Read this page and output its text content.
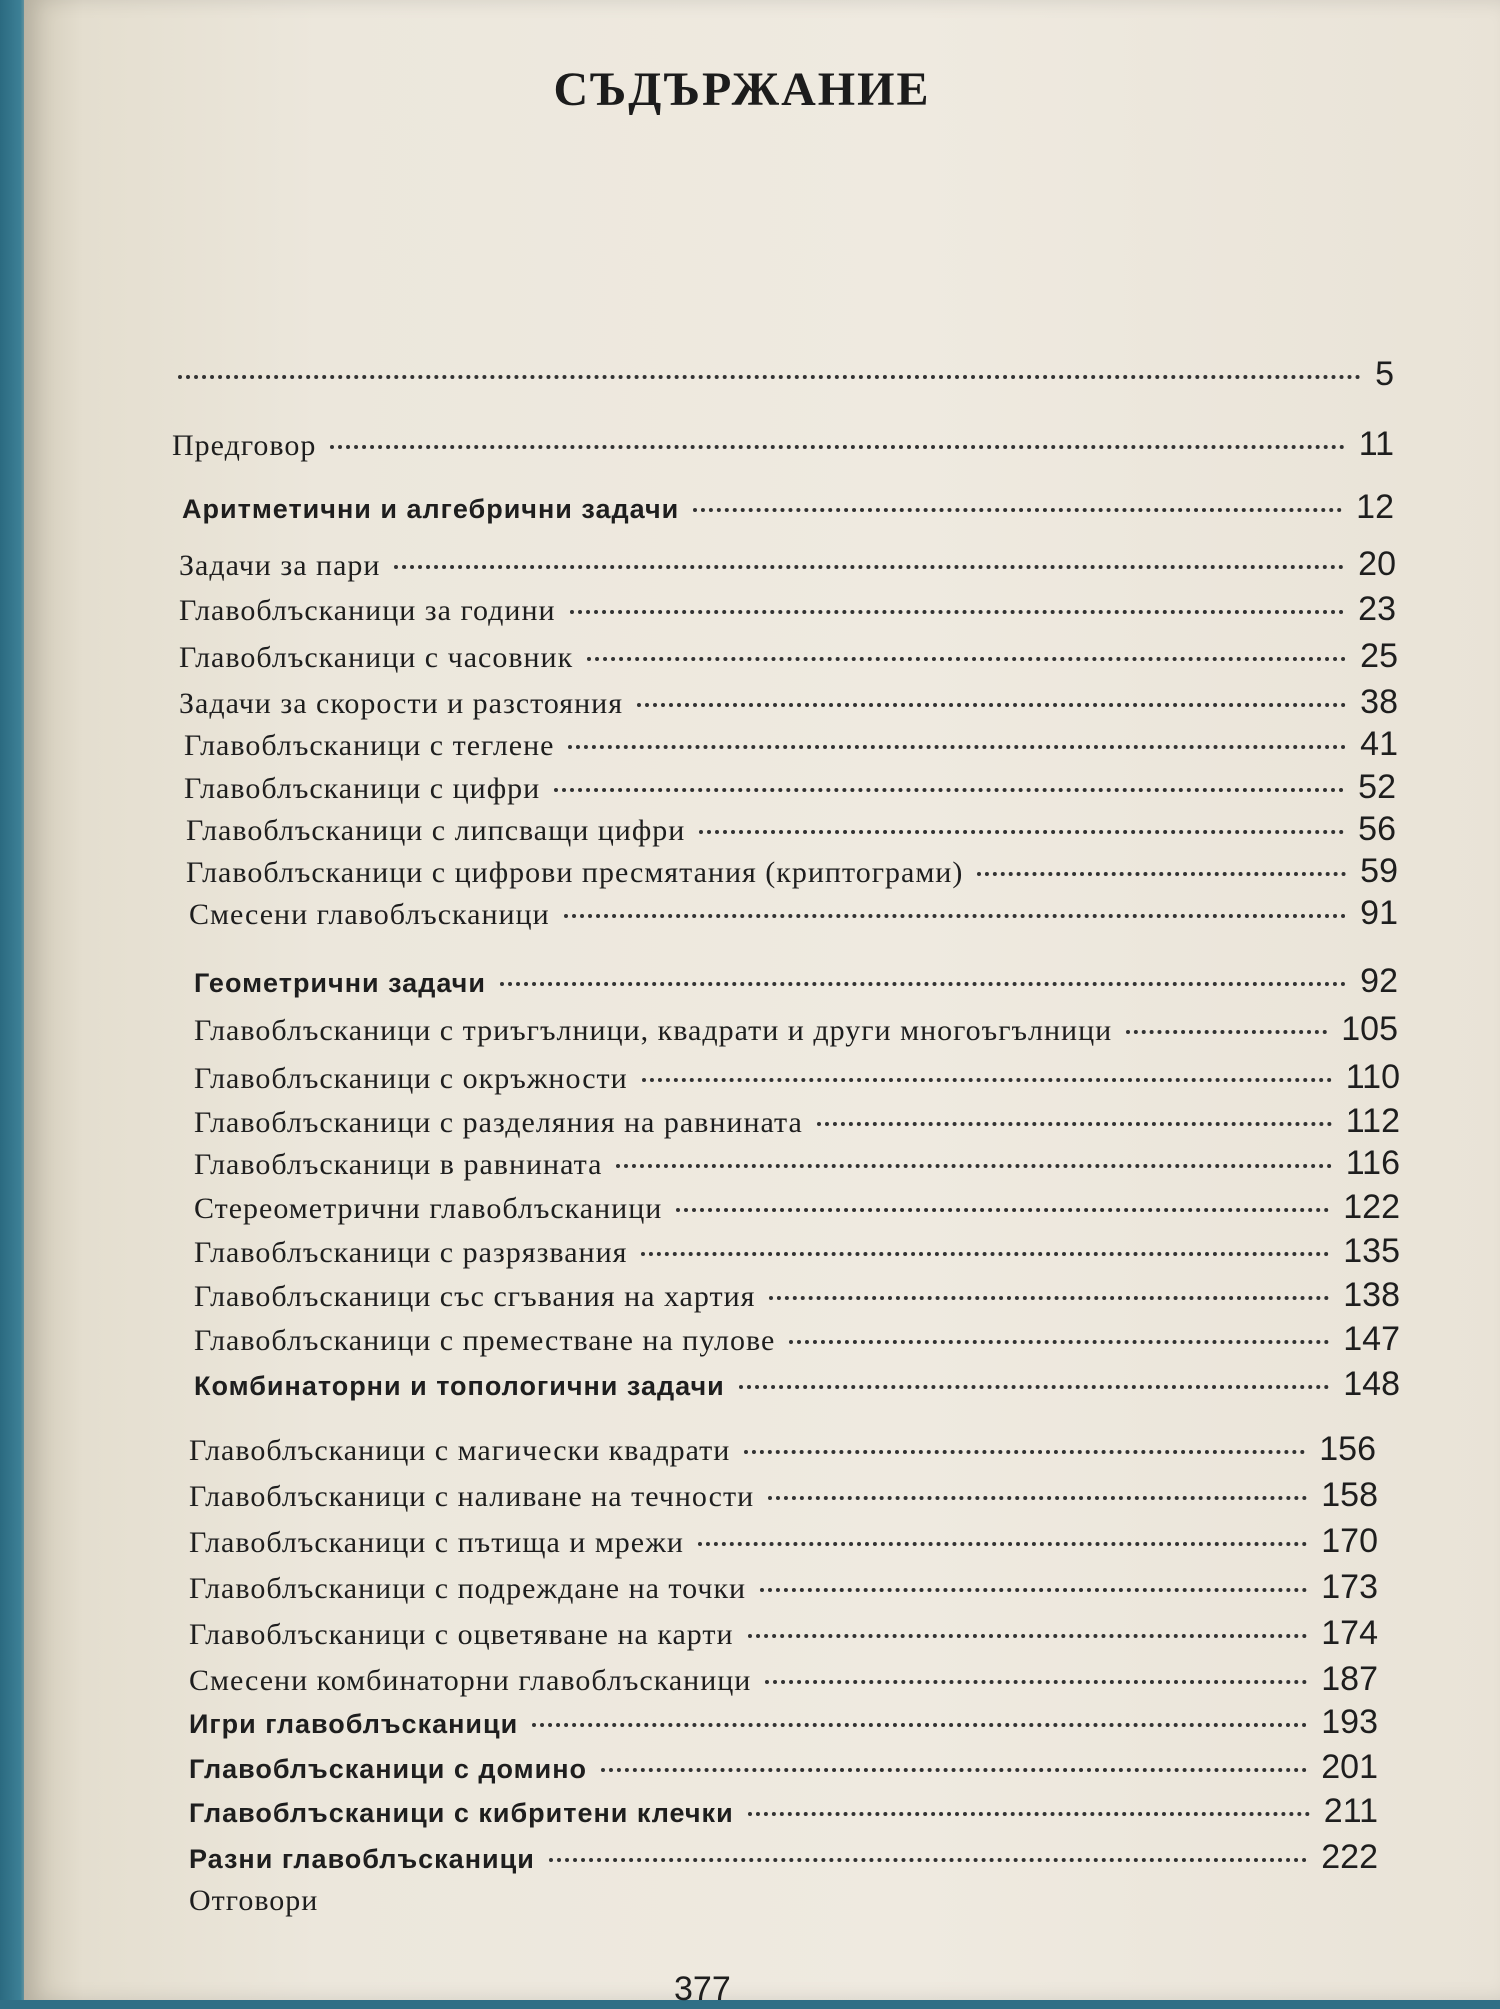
СЪДЪРЖАНИЕ
5
Предговор	11
Аритметични и алгебрични задачи	12
Задачи за пари	20
Главоблъсканици за години	23
Главоблъсканици с часовник	25
Задачи за скорости и разстояния	38
Главоблъсканици с теглене	41
Главоблъсканици с цифри	52
Главоблъсканици с липсващи цифри	56
Главоблъсканици с цифрови пресмятания (криптограми)	59
Смесени главоблъсканици	91
Геометрични задачи	92
Главоблъсканици с триъгълници, квадрати и други многоъгълници	105
Главоблъсканици с окръжности	110
Главоблъсканици с разделяния на равнината	112
Главоблъсканици в равнината	116
Стереометрични главоблъсканици	122
Главоблъсканици с разрязвания	135
Главоблъсканици със сгъвания на хартия	138
Главоблъсканици с преместване на пулове	147
Комбинаторни и топологични задачи	148
Главоблъсканици с магически квадрати	156
Главоблъсканици с наливане на течности	158
Главоблъсканици с пътища и мрежи	170
Главоблъсканици с подреждане на точки	173
Главоблъсканици с оцветяване на карти	174
Смесени комбинаторни главоблъсканици	187
Игри главоблъсканици	193
Главоблъсканици с домино	201
Главоблъсканици с кибритени клечки	211
Разни главоблъсканици	222
Отговори
377
